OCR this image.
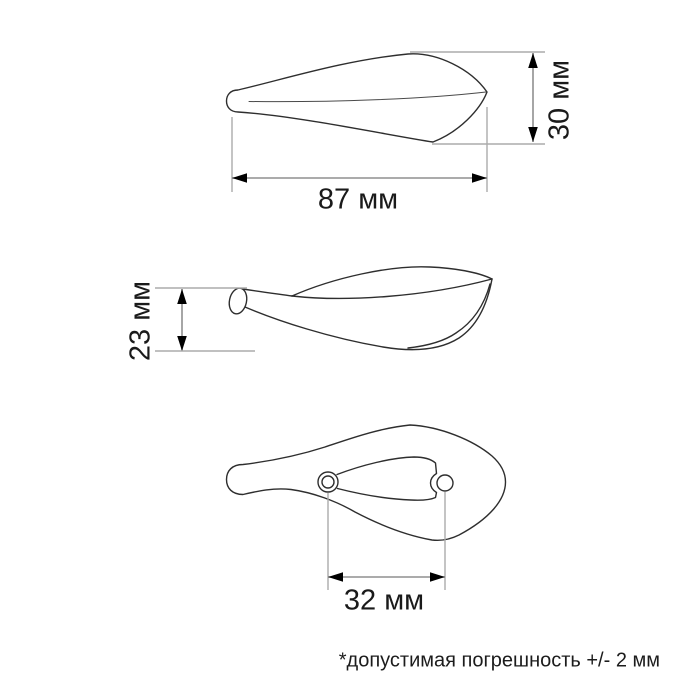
87 мм
30 мм
23 мм
32 мм
*допустимая погрешность +/- 2 мм
